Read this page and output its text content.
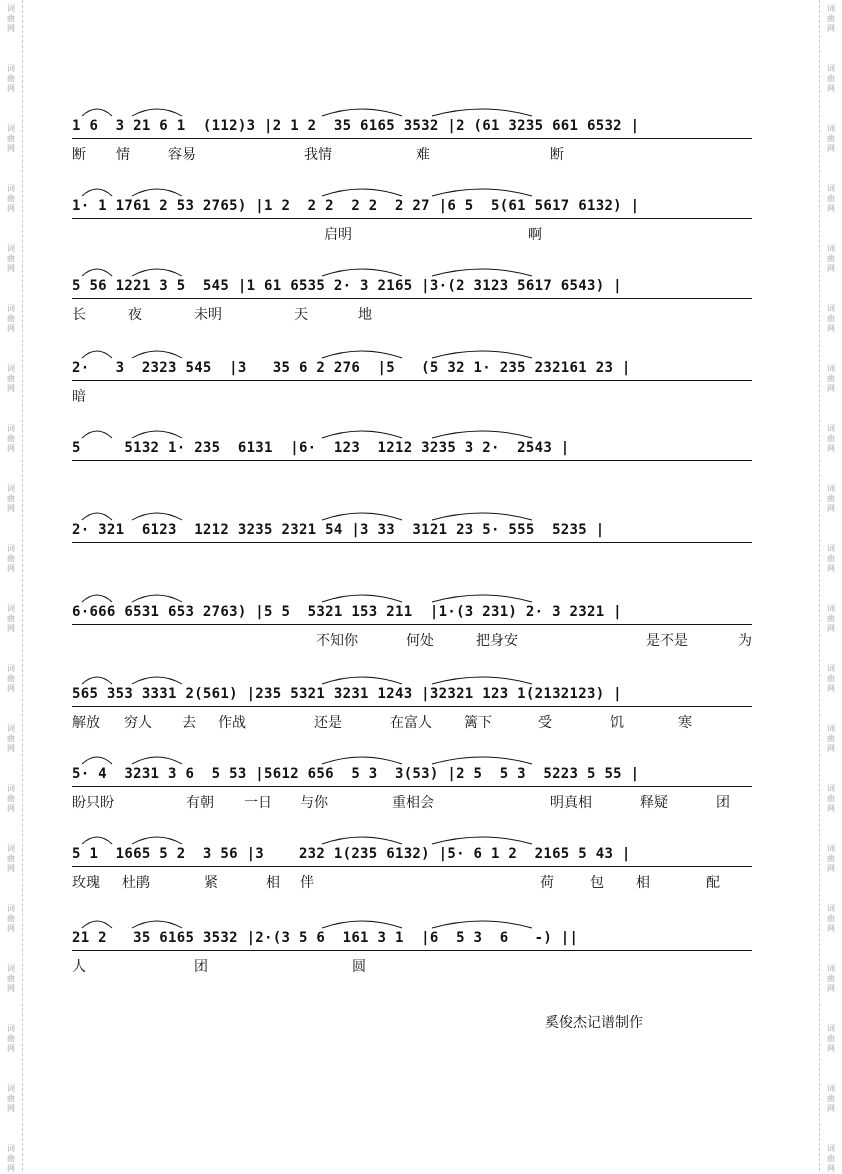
词
曲
网
词
曲
网
词
曲
网
词
曲
网
词
曲
网
词
曲
网
词
曲
网
词
曲
网
词
曲
网
词
曲
网
词
曲
网
词
曲
网
词
曲
网
词
曲
网
词
曲
网
词
曲
网
词
曲
网
词
曲
网
词
曲
网
词
曲
网
词
曲
网
词
曲
网
词
曲
网
词
曲
网
词
曲
网
词
曲
网
词
曲
网
词
曲
网
词
曲
网
词
曲
网
词
曲
网
词
曲
网
词
曲
网
词
曲
网
词
曲
网
词
曲
网
词
曲
网
词
曲
网
词
曲
网
词
曲
网
1 6  3 21 6 1  (112)3 |2 1 2  35 6165 3532 |2 (61 3235 661 6532 |
断 情	容易	我情	难	断
1· 1 1761 2 53 2765) |1 2  2 2  2 2  2 27 |6 5  5(61 5617 6132) |
启明	啊
5 56 1221 3 5  545 |1 61 6535 2· 3 2165 |3·(2 3123 5617 6543) |
长	夜	未明	天	地
2·   3  2323 545  |3   35 6 2 276  |5   (5 32 1· 235 232161 23 |
暗
5     5132 1· 235  6131  |6·  123  1212 3235 3 2·  2543 |
2· 321  6123  1212 3235 2321 54 |3 33  3121 23 5· 555  5235 |
6·666 6531 653 2763) |5 5  5321 153 211  |1·(3 231) 2· 3 2321 |
不知你	何处	把身安	是不是	为
565 353 3331 2(561) |235 5321 3231 1243 |32321 123 1(2132123) |
解放 穷人 去 作战	还是	在富人 篱下	受	饥	寒
5· 4  3231 3 6  5 53 |5612 656  5 3  3(53) |2 5  5 3  5223 5 55 |
盼只盼	有朝 一日 与你	重相会	明真相	释疑	团
5 1  1665 5 2  3 56 |3    232 1(235 6132) |5· 6 1 2  2165 5 43 |
玫瑰 杜鹃	紧	相 伴	荷	包 相	配
21 2   35 6165 3532 |2·(3 5 6  161 3 1  |6  5 3  6   -) ||
人	团	圆
奚俊杰记谱制作
